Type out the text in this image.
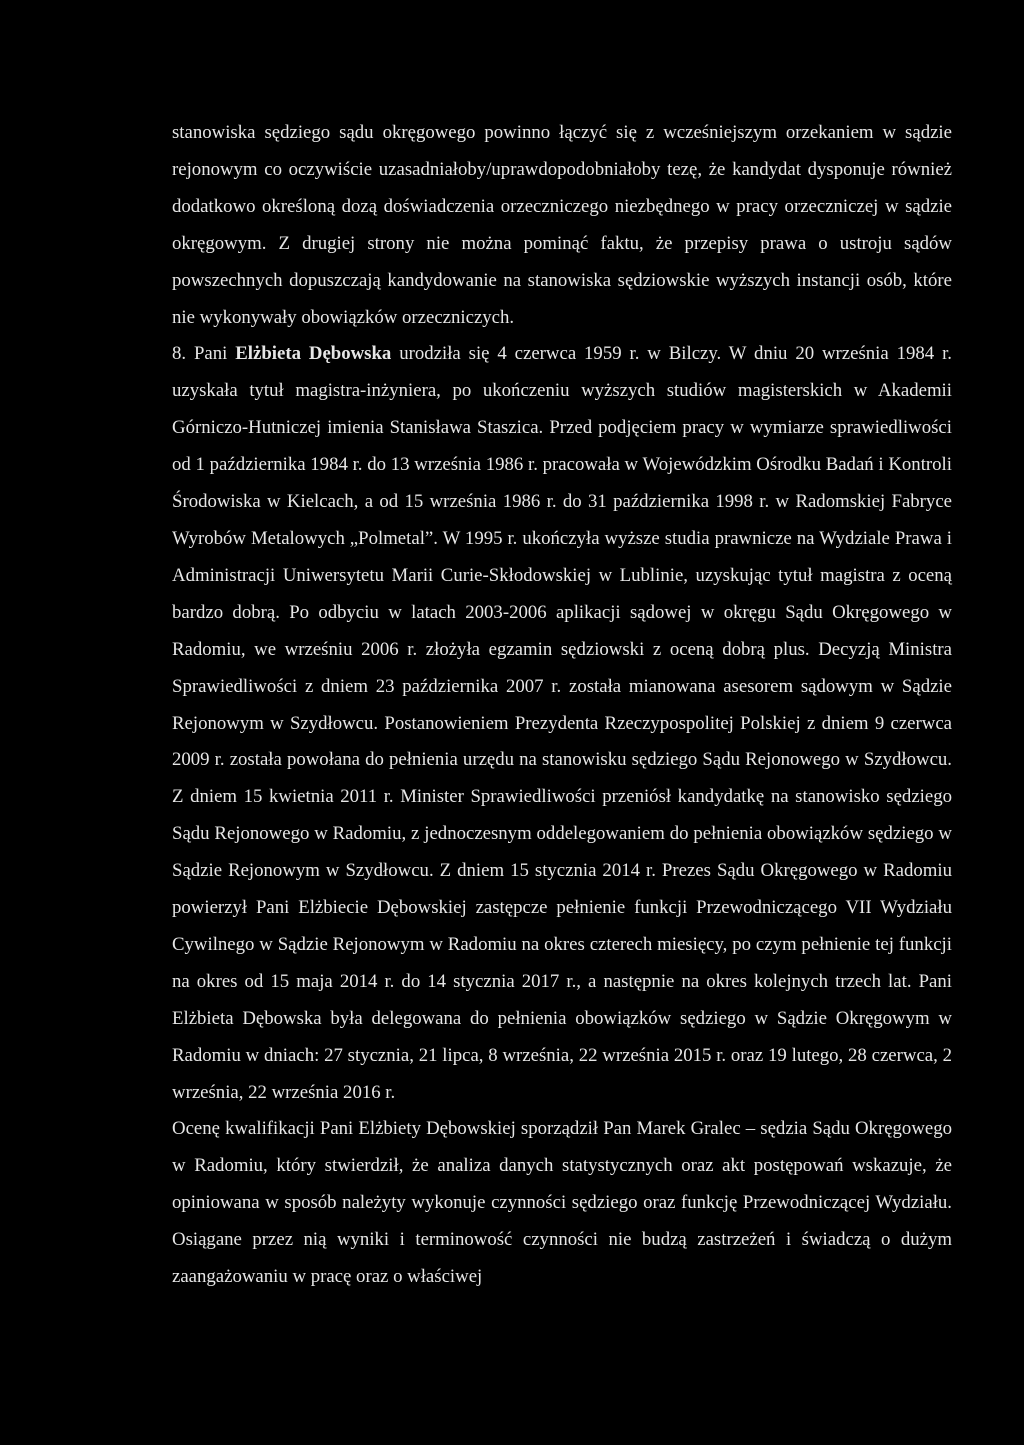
stanowiska sędziego sądu okręgowego powinno łączyć się z wcześniejszym orzekaniem w sądzie rejonowym co oczywiście uzasadniałoby/uprawdopodobniałoby tezę, że kandydat dysponuje również dodatkowo określoną dozą doświadczenia orzeczniczego niezbędnego w pracy orzeczniczej w sądzie okręgowym. Z drugiej strony nie można pominąć faktu, że przepisy prawa o ustroju sądów powszechnych dopuszczają kandydowanie na stanowiska sędziowskie wyższych instancji osób, które nie wykonywały obowiązków orzeczniczych.

8. Pani Elżbieta Dębowska urodziła się 4 czerwca 1959 r. w Bilczy. W dniu 20 września 1984 r. uzyskała tytuł magistra-inżyniera, po ukończeniu wyższych studiów magisterskich w Akademii Górniczo-Hutniczej imienia Stanisława Staszica. Przed podjęciem pracy w wymiarze sprawiedliwości od 1 października 1984 r. do 13 września 1986 r. pracowała w Wojewódzkim Ośrodku Badań i Kontroli Środowiska w Kielcach, a od 15 września 1986 r. do 31 października 1998 r. w Radomskiej Fabryce Wyrobów Metalowych „Polmetal”. W 1995 r. ukończyła wyższe studia prawnicze na Wydziale Prawa i Administracji Uniwersytetu Marii Curie-Skłodowskiej w Lublinie, uzyskując tytuł magistra z oceną bardzo dobrą. Po odbyciu w latach 2003-2006 aplikacji sądowej w okręgu Sądu Okręgowego w Radomiu, we wrześniu 2006 r. złożyła egzamin sędziowski z oceną dobrą plus. Decyzją Ministra Sprawiedliwości z dniem 23 października 2007 r. została mianowana asesorem sądowym w Sądzie Rejonowym w Szydłowcu. Postanowieniem Prezydenta Rzeczypospolitej Polskiej z dniem 9 czerwca 2009 r. została powołana do pełnienia urzędu na stanowisku sędziego Sądu Rejonowego w Szydłowcu. Z dniem 15 kwietnia 2011 r. Minister Sprawiedliwości przeniósł kandydatkę na stanowisko sędziego Sądu Rejonowego w Radomiu, z jednoczesnym oddelegowaniem do pełnienia obowiązków sędziego w Sądzie Rejonowym w Szydłowcu. Z dniem 15 stycznia 2014 r. Prezes Sądu Okręgowego w Radomiu powierzył Pani Elżbiecie Dębowskiej zastępcze pełnienie funkcji Przewodniczącego VII Wydziału Cywilnego w Sądzie Rejonowym w Radomiu na okres czterech miesięcy, po czym pełnienie tej funkcji na okres od 15 maja 2014 r. do 14 stycznia 2017 r., a następnie na okres kolejnych trzech lat. Pani Elżbieta Dębowska była delegowana do pełnienia obowiązków sędziego w Sądzie Okręgowym w Radomiu w dniach: 27 stycznia, 21 lipca, 8 września, 22 września 2015 r. oraz 19 lutego, 28 czerwca, 2 września, 22 września 2016 r.

Ocenę kwalifikacji Pani Elżbiety Dębowskiej sporządził Pan Marek Gralec – sędzia Sądu Okręgowego w Radomiu, który stwierdził, że analiza danych statystycznych oraz akt postępowań wskazuje, że opiniowana w sposób należyty wykonuje czynności sędziego oraz funkcję Przewodniczącej Wydziału. Osiągane przez nią wyniki i terminowość czynności nie budzą zastrzeżeń i świadczą o dużym zaangażowaniu w pracę oraz o właściwej
